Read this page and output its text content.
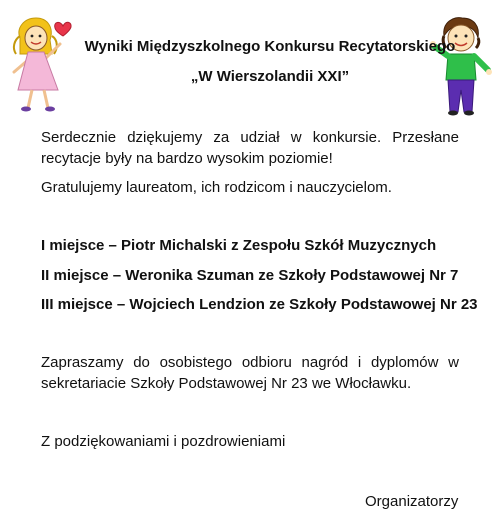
Wyniki Międzyszkolnego Konkursu Recytatorskiego
„W Wierszolandii XXI”
Serdecznie dziękujemy za udział w konkursie. Przesłane recytacje były na bardzo wysokim poziomie!
Gratulujemy laureatom, ich rodzicom i nauczycielom.
I miejsce – Piotr Michalski z Zespołu Szkół Muzycznych
II miejsce – Weronika Szuman ze Szkoły Podstawowej Nr 7
III miejsce – Wojciech Lendzion ze Szkoły Podstawowej Nr 23
Zapraszamy do osobistego odbioru nagród i dyplomów w sekretariacie Szkoły Podstawowej Nr 23 we Włocławku.
Z podziękowaniami i pozdrowieniami
Organizatorzy
